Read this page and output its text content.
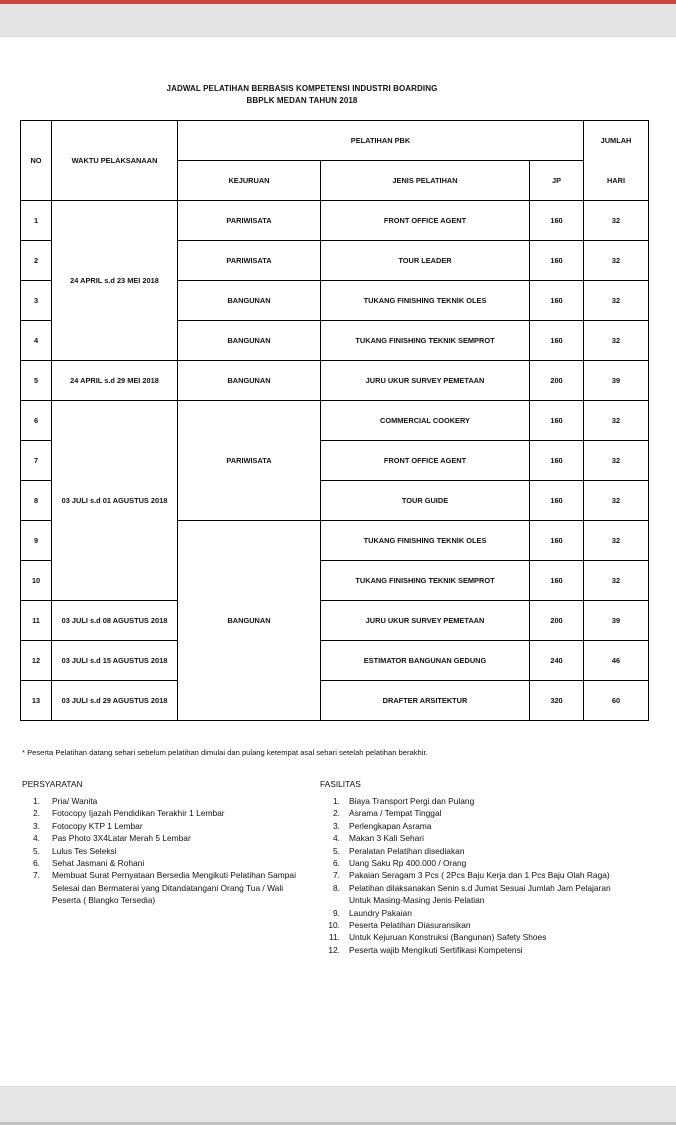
JADWAL PELATIHAN BERBASIS KOMPETENSI INDUSTRI BOARDING
BBPLK MEDAN TAHUN 2018
NO	WAKTU PELAKSANAAN	PELATIHAN PBK			JUMLAH
		KEJURUAN	JENIS PELATIHAN	JP	HARI
1	24 APRIL s.d 23 MEI 2018	PARIWISATA	FRONT OFFICE AGENT	160	32
2		PARIWISATA	TOUR LEADER	160	32
3		BANGUNAN	TUKANG FINISHING TEKNIK OLES	160	32
4		BANGUNAN	TUKANG FINISHING TEKNIK SEMPROT	160	32
5	24 APRIL s.d 29 MEI 2018	BANGUNAN	JURU UKUR SURVEY PEMETAAN	200	39
6	03 JULI s.d 01 AGUSTUS 2018	PARIWISATA	COMMERCIAL COOKERY	160	32
7			FRONT OFFICE AGENT	160	32
8			TOUR GUIDE	160	32
9		BANGUNAN	TUKANG FINISHING TEKNIK OLES	160	32
10			TUKANG FINISHING TEKNIK SEMPROT	160	32
11	03 JULI s.d 08 AGUSTUS 2018		JURU UKUR SURVEY PEMETAAN	200	39
12	03 JULI s.d 15 AGUSTUS 2018		ESTIMATOR BANGUNAN GEDUNG	240	46
13	03 JULI s.d 29 AGUSTUS 2018		DRAFTER ARSITEKTUR	320	60
* Peserta Pelatihan datang sehari sebelum pelatihan dimulai dan pulang ketempat asal sehari setelah pelatihan berakhir.
PERSYARATAN
1. Pria/ Wanita
2. Fotocopy Ijazah Pendidikan Terakhir 1 Lembar
3. Fotocopy KTP 1 Lembar
4. Pas Photo 3X4Latar Merah 5 Lembar
5. Lulus Tes Seleksi
6. Sehat Jasmani & Rohani
7. Membuat Surat Pernyataan Bersedia Mengikuti Pelatihan Sampai Selesai dan Bermaterai yang Ditandatangani Orang Tua / Wali Peserta ( Blangko Tersedia)
FASILITAS
1. Biaya Transport Pergi dan Pulang
2. Asrama / Tempat Tinggal
3. Perlengkapan Asrama
4. Makan 3 Kali Sehari
5. Peralatan Pelatihan disediakan
6. Uang Saku Rp 400.000 / Orang
7. Pakaian Seragam 3 Pcs ( 2Pcs Baju Kerja dan 1 Pcs Baju Olah Raga)
8. Pelatihan dilaksanakan Senin s.d Jumat Sesuai Jumlah Jam Pelajaran Untuk Masing-Masing Jenis Pelatian
9. Laundry Pakaian
10. Peserta Pelatihan Diasuransikan
11. Untuk Kejuruan Konstruksi (Bangunan) Safety Shoes
12. Peserta wajib Mengikuti Sertifikasi Kompetensi
